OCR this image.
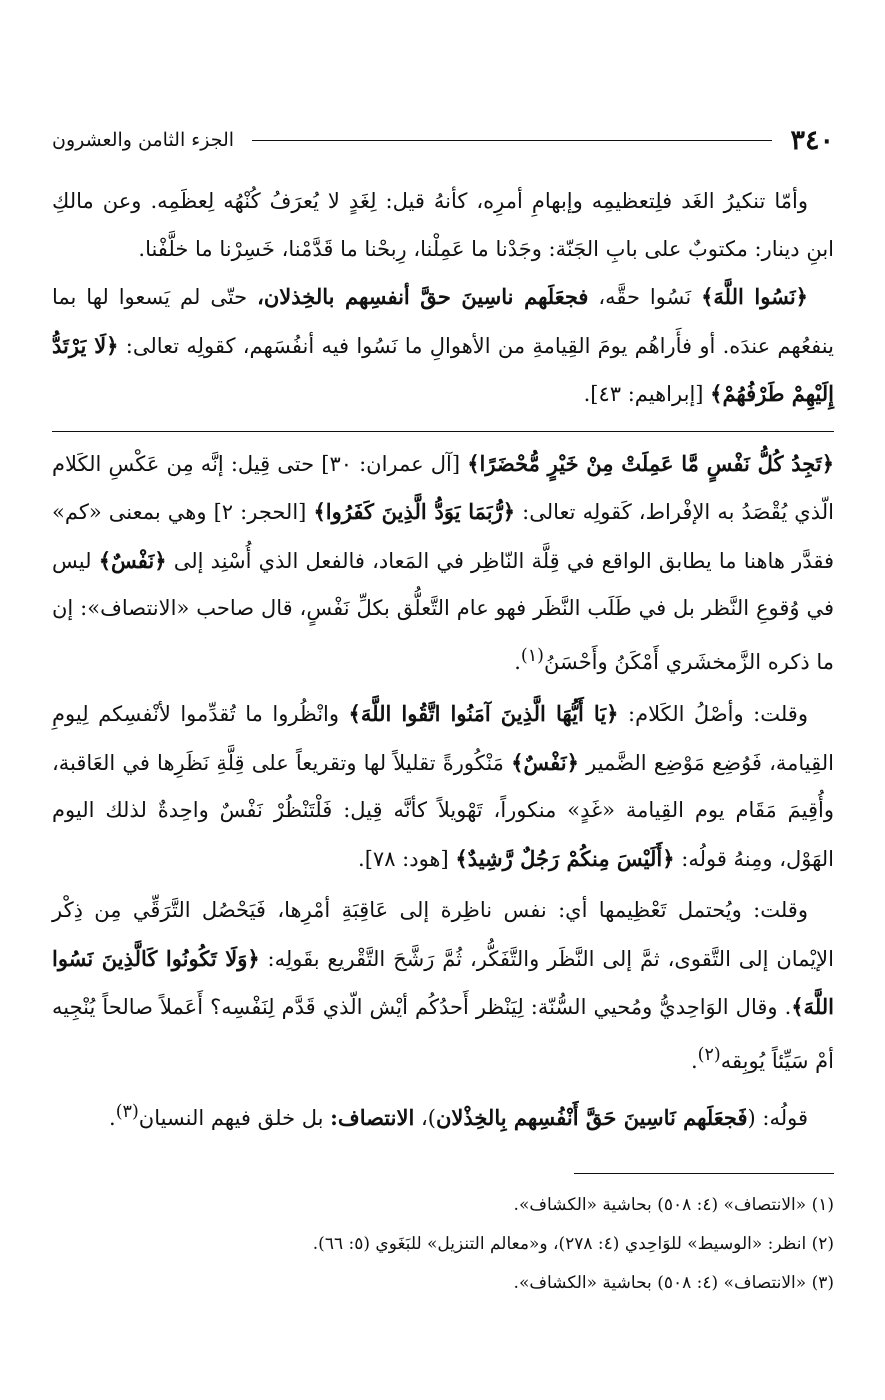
٣٤٠
الجزء الثامن والعشرون

وأمّا تنكيرُ الغَد فلِتعظيمِه وإبهامِ أمرِه، كأنهُ قيل: لِغَدٍ لا يُعرَفُ كُنْهُه لِعظَمِه. وعن مالكِ ابنِ دينار: مكتوبٌ على بابِ الجَنّة: وجَدْنا ما عَمِلْنا، رِبحْنا ما قَدَّمْنا، خَسِرْنا ما خلَّفْنا.

﴿نَسُوا اللَّهَ﴾ نَسُوا حقَّه، فجعَلَهم ناسِينَ حقَّ أنفسِهم بالخِذلان، حتّى لم يَسعوا لها بما ينفعُهم عندَه. أو فأَراهُم يومَ القِيامةِ من الأهوالِ ما نَسُوا فيه أنفُسَهم، كقولِه تعالى: ﴿لَا يَرْتَدُّ إِلَيْهِمْ طَرْفُهُمْ﴾ [إبراهيم: ٤٣].

﴿تَجِدُ كُلُّ نَفْسٍ مَّا عَمِلَتْ مِنْ خَيْرٍ مُّحْضَرًا﴾ [آل عمران: ٣٠] حتى قِيل: إنَّه مِن عَكْسِ الكَلام الّذي يُقْصَدُ به الإفْراط، كَقولِه تعالى: ﴿رُّبَمَا يَوَدُّ الَّذِينَ كَفَرُوا﴾ [الحجر: ٢] وهي بمعنى «كم» فقدَّر هاهنا ما يطابق الواقع في قِلَّة النّاظِر في المَعاد، فالفعل الذي أُسْنِد إلى ﴿نَفْسٌ﴾ ليس في وُقوعِ النَّظر بل في طَلَب النَّظَر فهو عام التَّعلُّق بكلِّ نَفْسٍ، قال صاحب «الانتصاف»: إن ما ذكره الزَّمخشَري أَمْكَنُ وأَحْسَنُ$^{(١)}$.

وقلت: وأصْلُ الكَلام: ﴿يَا أَيُّهَا الَّذِينَ آمَنُوا اتَّقُوا اللَّهَ﴾ وانْظُروا ما تُقدِّموا لأنْفسِكم لِيومِ القِيامة، فَوُضِع مَوْضِع الضَّمير ﴿نَفْسٌ﴾ مَنْكُورةً تقليلاً لها وتقريعاً على قِلَّةِ نَظَرِها في العَاقبة، وأُقِيمَ مَقَام يوم القِيامة «غَدٍ» منكوراً، تَهْويلاً كأنَّه قِيل: فَلْتَنْظُرْ نَفْسٌ واحِدةٌ لذلك اليوم الهَوْل، ومِنهُ قولُه: ﴿أَلَيْسَ مِنكُمْ رَجُلٌ رَّشِيدٌ﴾ [هود: ٧٨].

وقلت: ويُحتمل تَعْظِيمها أي: نفس ناظِرة إلى عَاقِبَةِ أمْرِها، فَيَحْصُل التَّرَقِّي مِن ذِكْر الإيْمان إلى التَّقوى، ثمَّ إلى النَّظَر والتَّفَكُّر، ثُمَّ رَشَّحَ التَّقْريع بقَولِه: ﴿وَلَا تَكُونُوا كَالَّذِينَ نَسُوا اللَّهَ﴾. وقال الوَاحِديُّ ومُحيي السُّنّة: لِيَنْظر أَحدُكُم أيْش الّذي قَدَّم لِنَفْسِه؟ أَعَملاً صالحاً يُنْجِيه أمْ سَيِّئاً يُوبِقه$^{(٢)}$.

قولُه: (فَجعَلَهم نَاسِينَ حَقَّ أَنْفُسِهم بِالخِذْلان)، الانتصاف: بل خلق فيهم النسيان$^{(٣)}$.

(١) «الانتصاف» (٤: ٥٠٨) بحاشية «الكشاف».

(٢) انظر: «الوسيط» للوَاحِدي (٤: ٢٧٨)، و«معالم التنزيل» للبَغَوي (٥: ٦٦).

(٣) «الانتصاف» (٤: ٥٠٨) بحاشية «الكشاف».
